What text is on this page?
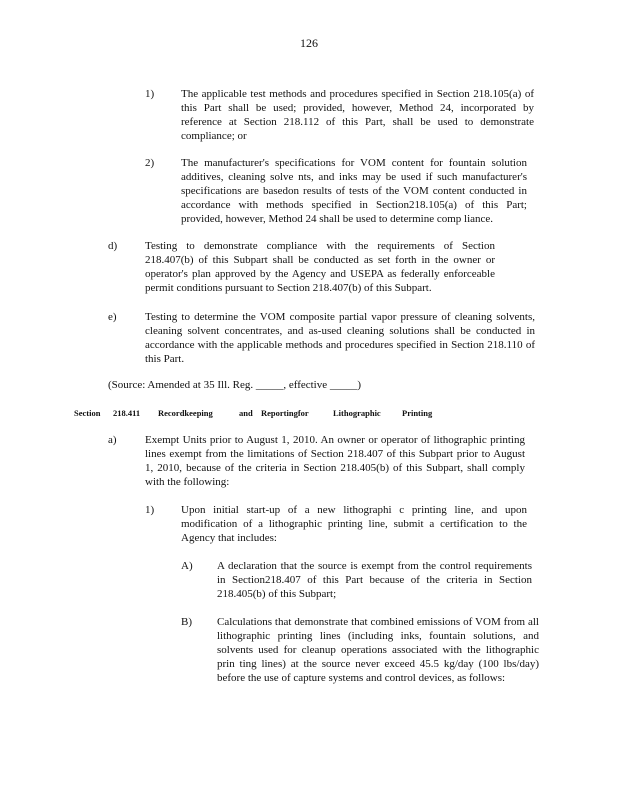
126
1) The applicable test methods and procedures specified in Section 218.105(a) of this Part shall be used; provided, however, Method 24, incorporated by reference at Section 218.112 of this Part, shall be used to demonstrate compliance; or
2) The manufacturer's specifications for VOM content for fountain solution additives, cleaning solve nts, and inks may be used if such manufacturer's specifications are basedon results of tests of the VOM content conducted in accordance with methods specified in Section218.105(a) of this Part; provided, however, Method 24 shall be used to determine comp liance.
d)	Testing to demonstrate compliance with the requirements of Section 218.407(b) of this Subpart shall be conducted as set forth in the owner or operator's plan approved by the Agency and USEPA as federally enforceable permit conditions pursuant to Section 218.407(b) of this Subpart.
e)	Testing to determine the VOM composite partial vapor pressure of cleaning solvents, cleaning solvent concentrates, and as-used cleaning solutions shall be conducted in accordance with the applicable methods and procedures specified in Section 218.110 of this Part.
(Source: Amended at 35 Ill. Reg. _____, effective _____)
Section 218.411 Recordkeeping	and Reportingfor	Lithographic	Printing
a)	Exempt Units prior to August 1, 2010. An owner or operator of lithographic printing lines exempt from the limitations of Section 218.407 of this Subpart prior to August 1, 2010, because of the criteria in Section 218.405(b) of this Subpart, shall comply with the following:
1) Upon initial start-up of a new lithographi c printing line, and upon modification of a lithographic printing line, submit a certification to the Agency that includes:
A) A declaration that the source is exempt from the control requirements in Section218.407 of this Part because of the criteria in Section 218.405(b) of this Subpart;
B) Calculations that demonstrate that combined emissions of VOM from all lithographic printing lines (including inks, fountain solutions, and solvents used for cleanup operations associated with the lithographic prin ting lines) at the source never exceed 45.5 kg/day (100 lbs/day) before the use of capture systems and control devices, as follows:
